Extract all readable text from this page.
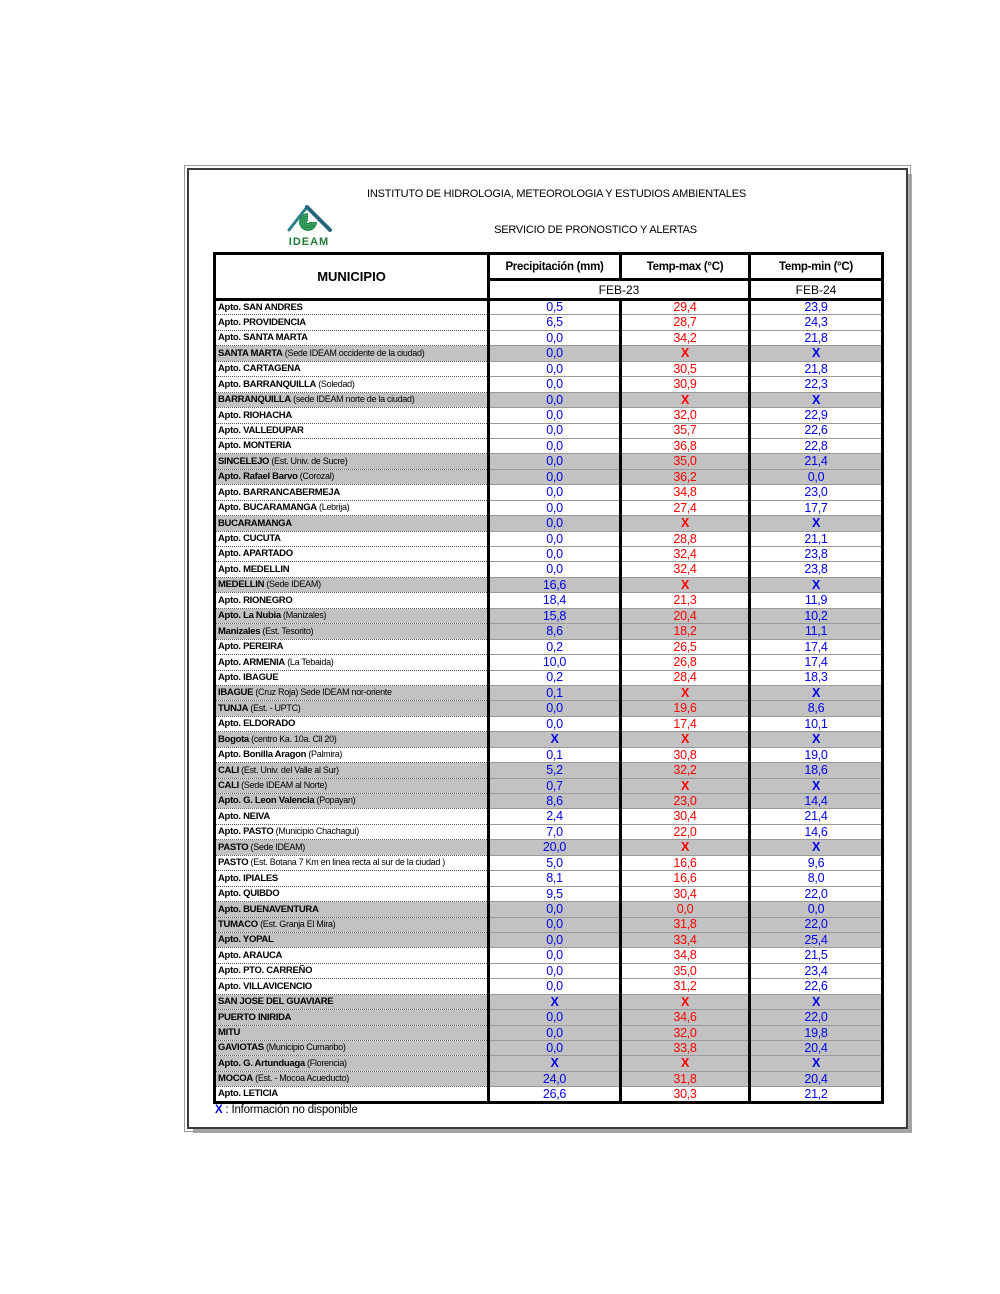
INSTITUTO DE HIDROLOGIA, METEOROLOGIA Y ESTUDIOS AMBIENTALES
IDEAM
SERVICIO DE PRONOSTICO Y ALERTAS
MUNICIPIO	Precipitación (mm)	Temp-max (°C)	Temp-min (°C)
	FEB-23		FEB-24
Apto. SAN ANDRES	0,5	29,4	23,9
Apto. PROVIDENCIA	6,5	28,7	24,3
Apto. SANTA MARTA	0,0	34,2	21,8
SANTA MARTA (Sede IDEAM occidente de la ciudad)	0,0	X	X
Apto. CARTAGENA	0,0	30,5	21,8
Apto. BARRANQUILLA (Soledad)	0,0	30,9	22,3
BARRANQUILLA (sede IDEAM norte de la ciudad)	0,0	X	X
Apto. RIOHACHA	0,0	32,0	22,9
Apto. VALLEDUPAR	0,0	35,7	22,6
Apto. MONTERIA	0,0	36,8	22,8
SINCELEJO (Est. Univ. de Sucre)	0,0	35,0	21,4
Apto. Rafael Barvo (Corozal)	0,0	36,2	0,0
Apto. BARRANCABERMEJA	0,0	34,8	23,0
Apto. BUCARAMANGA (Lebrija)	0,0	27,4	17,7
BUCARAMANGA	0,0	X	X
Apto. CUCUTA	0,0	28,8	21,1
Apto. APARTADO	0,0	32,4	23,8
Apto. MEDELLIN	0,0	32,4	23,8
MEDELLIN (Sede IDEAM)	16,6	X	X
Apto. RIONEGRO	18,4	21,3	11,9
Apto. La Nubia (Manizales)	15,8	20,4	10,2
Manizales (Est. Tesorito)	8,6	18,2	11,1
Apto. PEREIRA	0,2	26,5	17,4
Apto. ARMENIA (La Tebaida)	10,0	26,8	17,4
Apto. IBAGUE	0,2	28,4	18,3
IBAGUE (Cruz Roja) Sede IDEAM nor-oriente	0,1	X	X
TUNJA (Est. - UPTC)	0,0	19,6	8,6
Apto. ELDORADO	0,0	17,4	10,1
Bogota (centro Ka. 10a. Cll 20)	X	X	X
Apto. Bonilla Aragon (Palmira)	0,1	30,8	19,0
CALI (Est. Univ. del Valle al Sur)	5,2	32,2	18,6
CALI (Sede IDEAM al Norte)	0,7	X	X
Apto. G. Leon Valencia (Popayan)	8,6	23,0	14,4
Apto. NEIVA	2,4	30,4	21,4
Apto. PASTO (Municipio Chachagui)	7,0	22,0	14,6
PASTO (Sede IDEAM)	20,0	X	X
PASTO (Est. Botana 7 Km en linea recta al sur de la ciudad )	5,0	16,6	9,6
Apto. IPIALES	8,1	16,6	8,0
Apto. QUIBDO	9,5	30,4	22,0
Apto. BUENAVENTURA	0,0	0,0	0,0
TUMACO (Est. Granja El Mira)	0,0	31,8	22,0
Apto. YOPAL	0,0	33,4	25,4
Apto. ARAUCA	0,0	34,8	21,5
Apto. PTO. CARREÑO	0,0	35,0	23,4
Apto. VILLAVICENCIO	0,0	31,2	22,6
SAN JOSE DEL GUAVIARE	X	X	X
PUERTO INIRIDA	0,0	34,6	22,0
MITU	0,0	32,0	19,8
GAVIOTAS (Municipio Cumaribo)	0,0	33,8	20,4
Apto. G. Artunduaga (Florencia)	X	X	X
MOCOA (Est. - Mocoa Acueducto)	24,0	31,8	20,4
Apto. LETICIA	26,6	30,3	21,2
X : Información no disponible
